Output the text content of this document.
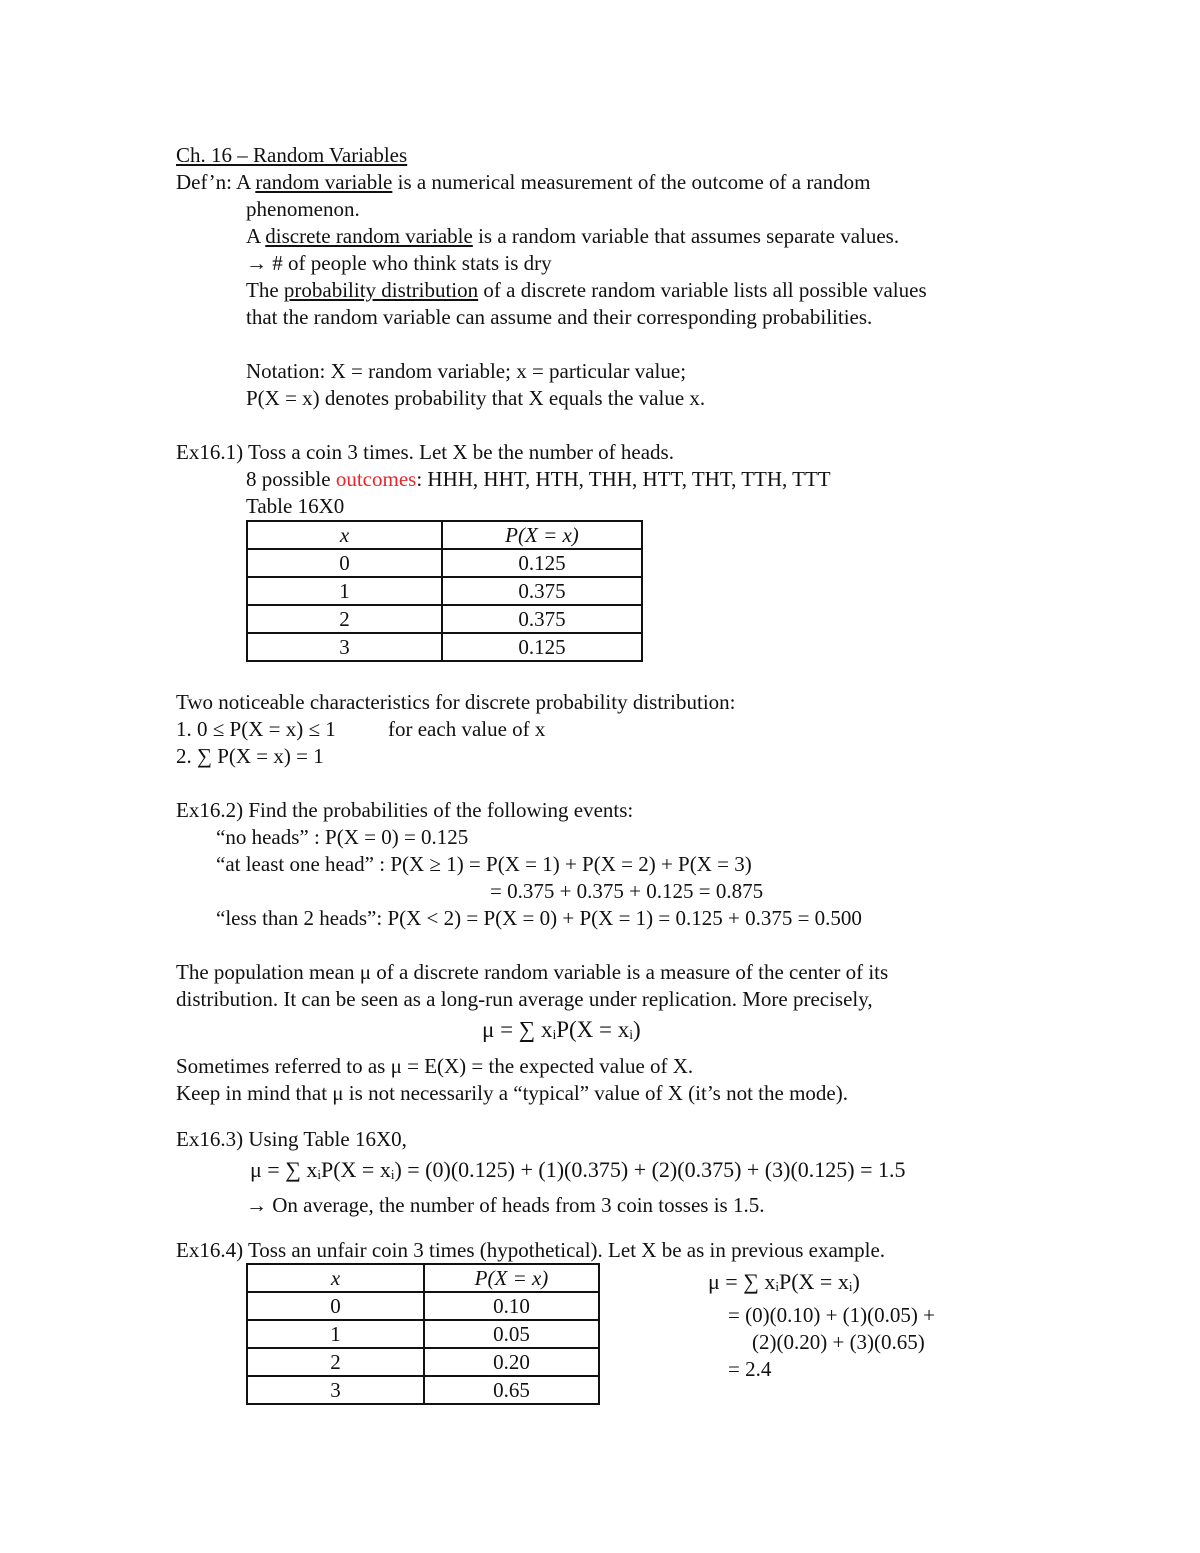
Ch. 16 – Random Variables
Def’n: A random variable is a numerical measurement of the outcome of a random
phenomenon.
A discrete random variable is a random variable that assumes separate values.
→ # of people who think stats is dry
The probability distribution of a discrete random variable lists all possible values
that the random variable can assume and their corresponding probabilities.
Notation: X = random variable; x = particular value;
P(X = x) denotes probability that X equals the value x.
Ex16.1) Toss a coin 3 times. Let X be the number of heads.
8 possible outcomes: HHH, HHT, HTH, THH, HTT, THT, TTH, TTT
Table 16X0
x	P(X = x)
0	0.125
1	0.375
2	0.375
3	0.125
Two noticeable characteristics for discrete probability distribution:
1. 0 ≤ P(X = x) ≤ 1 for each value of x
2. ∑ P(X = x) = 1
Ex16.2) Find the probabilities of the following events:
“no heads” : P(X = 0) = 0.125
“at least one head” : P(X ≥ 1) = P(X = 1) + P(X = 2) + P(X = 3)
= 0.375 + 0.375 + 0.125 = 0.875
“less than 2 heads”: P(X < 2) = P(X = 0) + P(X = 1) = 0.125 + 0.375 = 0.500
The population mean μ of a discrete random variable is a measure of the center of its
distribution. It can be seen as a long-run average under replication. More precisely,
μ = ∑ xᵢP(X = xᵢ)
Sometimes referred to as μ = E(X) = the expected value of X.
Keep in mind that μ is not necessarily a “typical” value of X (it’s not the mode).
Ex16.3) Using Table 16X0,
μ = ∑ xᵢP(X = xᵢ) = (0)(0.125) + (1)(0.375) + (2)(0.375) + (3)(0.125) = 1.5
→ On average, the number of heads from 3 coin tosses is 1.5.
Ex16.4) Toss an unfair coin 3 times (hypothetical). Let X be as in previous example.
x	P(X = x)
0	0.10
1	0.05
2	0.20
3	0.65
μ = ∑ xᵢP(X = xᵢ)
= (0)(0.10) + (1)(0.05) +
(2)(0.20) + (3)(0.65)
= 2.4
